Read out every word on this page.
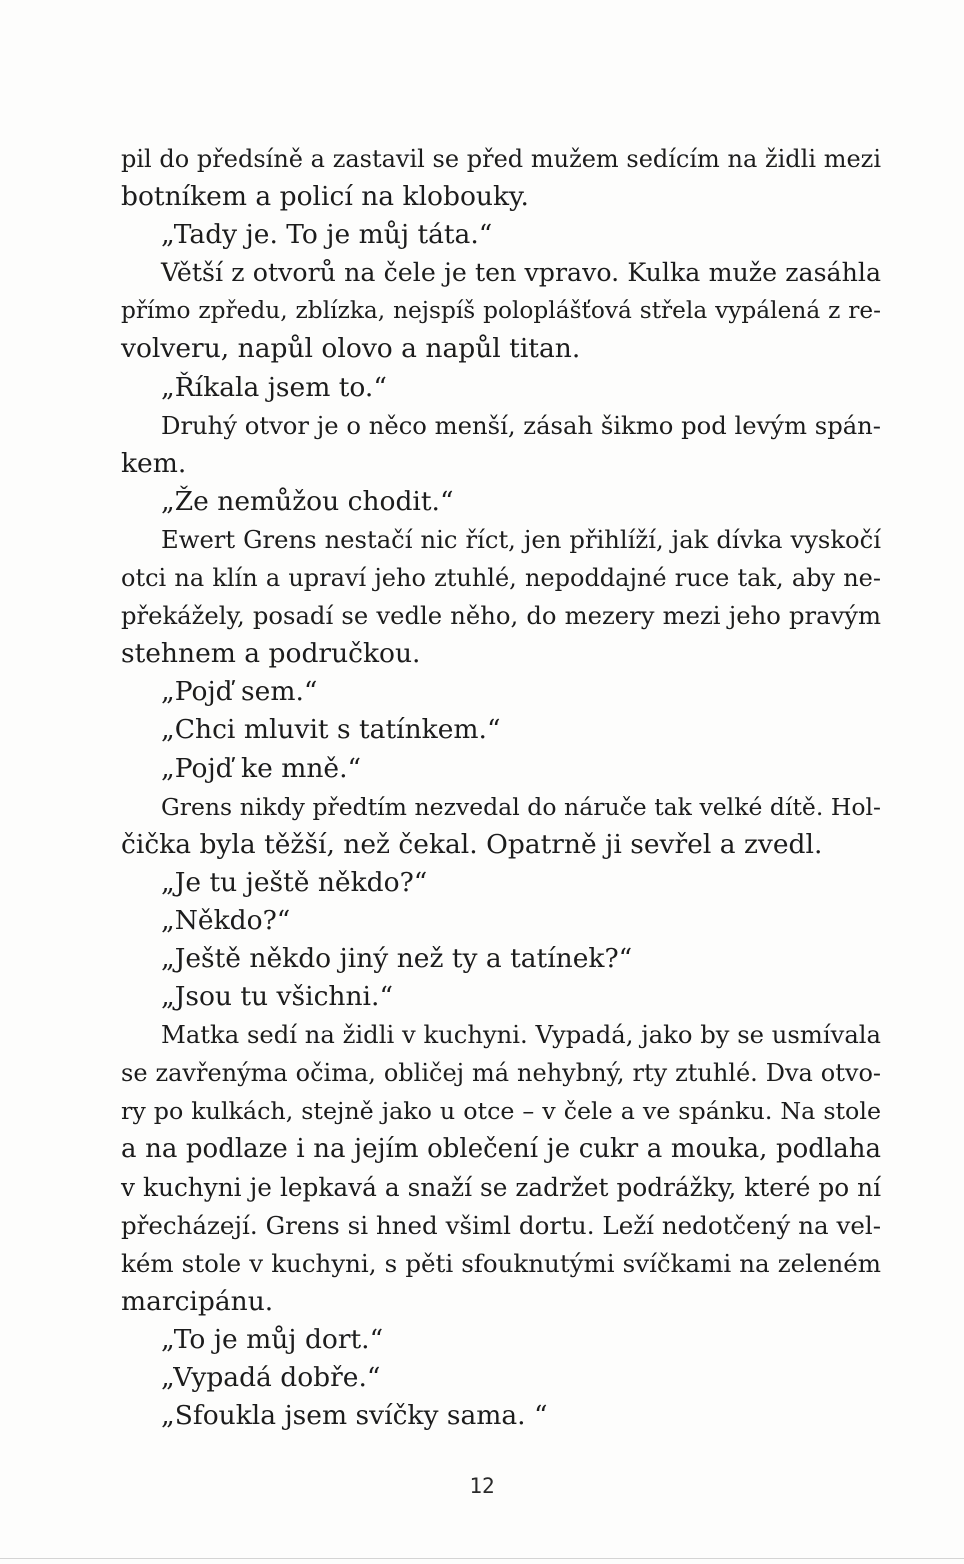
pil do předsíně a zastavil se před mužem sedícím na židli mezi
botníkem a policí na klobouky.
„Tady je. To je můj táta.“
Větší z otvorů na čele je ten vpravo. Kulka muže zasáhla
přímo zpředu, zblízka, nejspíš poloplášťová střela vypálená z re-
volveru, napůl olovo a napůl titan.
„Říkala jsem to.“
Druhý otvor je o něco menší, zásah šikmo pod levým spán-
kem.
„Že nemůžou chodit.“
Ewert Grens nestačí nic říct, jen přihlíží, jak dívka vyskočí
otci na klín a upraví jeho ztuhlé, nepoddajné ruce tak, aby ne-
překážely, posadí se vedle něho, do mezery mezi jeho pravým
stehnem a područkou.
„Pojď sem.“
„Chci mluvit s tatínkem.“
„Pojď ke mně.“
Grens nikdy předtím nezvedal do náruče tak velké dítě. Hol-
čička byla těžší, než čekal. Opatrně ji sevřel a zvedl.
„Je tu ještě někdo?“
„Někdo?“
„Ještě někdo jiný než ty a tatínek?“
„Jsou tu všichni.“
Matka sedí na židli v kuchyni. Vypadá, jako by se usmívala
se zavřenýma očima, obličej má nehybný, rty ztuhlé. Dva otvo-
ry po kulkách, stejně jako u otce – v čele a ve spánku. Na stole
a na podlaze i na jejím oblečení je cukr a mouka, podlaha
v kuchyni je lepkavá a snaží se zadržet podrážky, které po ní
přecházejí. Grens si hned všiml dortu. Leží nedotčený na vel-
kém stole v kuchyni, s pěti sfouknutými svíčkami na zeleném
marcipánu.
„To je můj dort.“
„Vypadá dobře.“
„Sfoukla jsem svíčky sama. “
12
